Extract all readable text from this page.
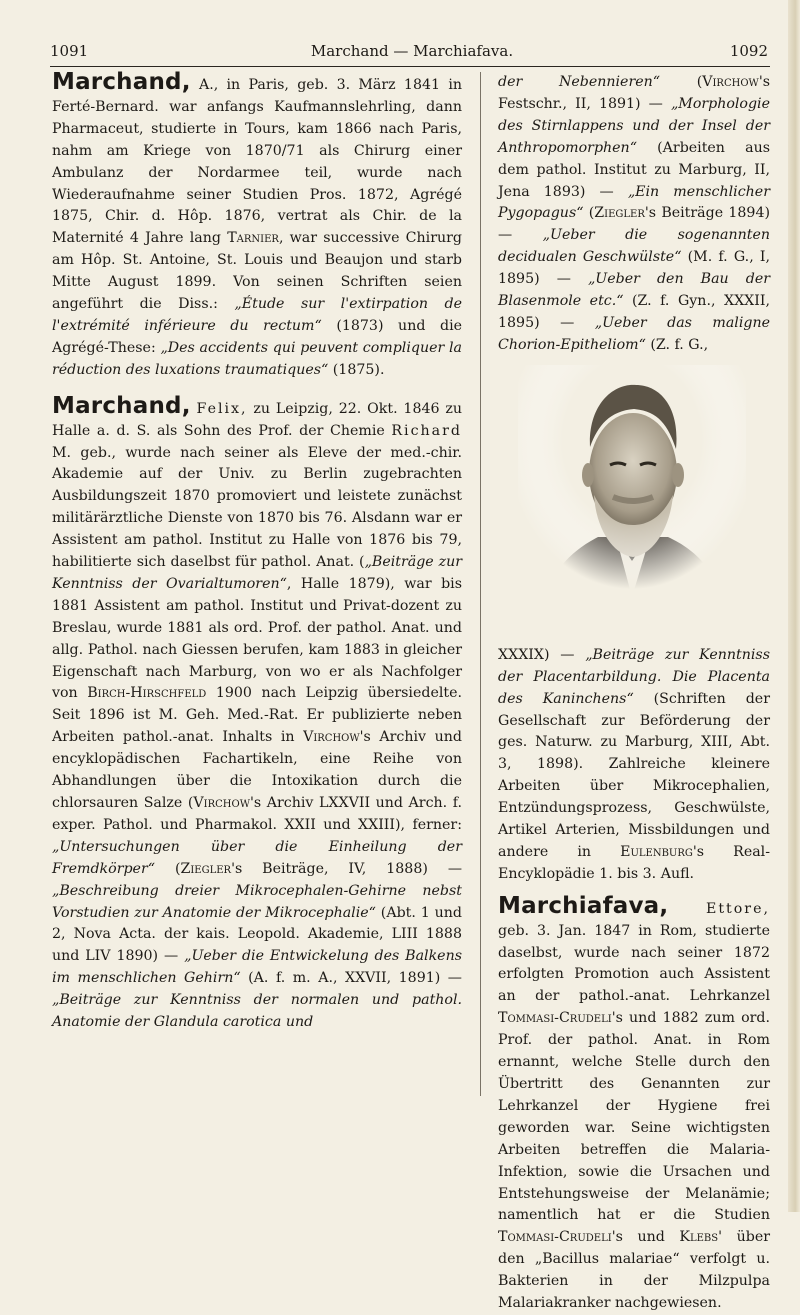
1091	Marchand — Marchiafava.	1092

Marchand, A., in Paris, geb. 3. März 1841 in Ferté-Bernard. war anfangs Kaufmannslehrling, dann Pharmaceut, studierte in Tours, kam 1866 nach Paris, nahm am Kriege von 1870/71 als Chirurg einer Ambulanz der Nordarmee teil, wurde nach Wiederaufnahme seiner Studien Pros. 1872, Agrégé 1875, Chir. d. Hôp. 1876, vertrat als Chir. de la Maternité 4 Jahre lang Tarnier, war successive Chirurg am Hôp. St. Antoine, St. Louis und Beaujon und starb Mitte August 1899. Von seinen Schriften seien angeführt die Diss.: „Étude sur l'extirpation de l'extrémité inférieure du rectum“ (1873) und die Agrégé-These: „Des accidents qui peuvent compliquer la réduction des luxations traumatiques“ (1875).

Marchand, Felix, zu Leipzig, 22. Okt. 1846 zu Halle a. d. S. als Sohn des Prof. der Chemie Richard M. geb., wurde nach seiner als Eleve der med.-chir. Akademie auf der Univ. zu Berlin zugebrachten Ausbildungszeit 1870 promoviert und leistete zunächst militärärztliche Dienste von 1870 bis 76. Alsdann war er Assistent am pathol. Institut zu Halle von 1876 bis 79, habilitierte sich daselbst für pathol. Anat. („Beiträge zur Kenntniss der Ovarialtumoren“, Halle 1879), war bis 1881 Assistent am pathol. Institut und Privat-dozent zu Breslau, wurde 1881 als ord. Prof. der pathol. Anat. und allg. Pathol. nach Giessen berufen, kam 1883 in gleicher Eigenschaft nach Marburg, von wo er als Nachfolger von Birch-Hirschfeld 1900 nach Leipzig übersiedelte. Seit 1896 ist M. Geh. Med.-Rat. Er publizierte neben Arbeiten pathol.-anat. Inhalts in Virchow's Archiv und encyklopädischen Fachartikeln, eine Reihe von Abhandlungen über die Intoxikation durch die chlorsauren Salze (Virchow's Archiv LXXVII und Arch. f. exper. Pathol. und Pharmakol. XXII und XXIII), ferner: „Untersuchungen über die Einheilung der Fremdkörper“ (Ziegler's Beiträge, IV, 1888) — „Beschreibung dreier Mikrocephalen-Gehirne nebst Vorstudien zur Anatomie der Mikrocephalie“ (Abt. 1 und 2, Nova Acta. der kais. Leopold. Akademie, LIII 1888 und LIV 1890) — „Ueber die Entwickelung des Balkens im menschlichen Gehirn“ (A. f. m. A., XXVII, 1891) — „Beiträge zur Kenntniss der normalen und pathol. Anatomie der Glandula carotica und

der Nebennieren“ (Virchow's Festschr., II, 1891) — „Morphologie des Stirnlappens und der Insel der Anthropomorphen“ (Arbeiten aus dem pathol. Institut zu Marburg, II, Jena 1893) — „Ein menschlicher Pygopagus“ (Ziegler's Beiträge 1894) — „Ueber die sogenannten decidualen Geschwülste“ (M. f. G., I, 1895) — „Ueber den Bau der Blasenmole etc.“ (Z. f. Gyn., XXXII, 1895) — „Ueber das maligne Chorion-Epitheliom“ (Z. f. G.,

XXXIX) — „Beiträge zur Kenntniss der Placentarbildung. Die Placenta des Kaninchens“ (Schriften der Gesellschaft zur Beförderung der ges. Naturw. zu Marburg, XIII, Abt. 3, 1898). Zahlreiche kleinere Arbeiten über Mikrocephalien, Entzündungsprozess, Geschwülste, Artikel Arterien, Missbildungen und andere in Eulenburg's Real-Encyklopädie 1. bis 3. Aufl.

Marchiafava,	Ettore, geb. 3. Jan. 1847 in Rom, studierte daselbst, wurde nach seiner 1872 erfolgten Promotion auch Assistent an der pathol.-anat. Lehrkanzel Tommasi-Crudeli's und 1882 zum ord. Prof. der pathol. Anat. in Rom ernannt, welche Stelle durch den Übertritt des Genannten zur Lehrkanzel der Hygiene frei geworden war. Seine wichtigsten Arbeiten betreffen die Malaria-Infektion, sowie die Ursachen und Entstehungsweise der Melanämie; namentlich hat er die Studien Tommasi-Crudeli's und Klebs' über den „Bacillus malariae“ verfolgt u. Bakterien in der Milzpulpa Malariakranker nachgewiesen.
